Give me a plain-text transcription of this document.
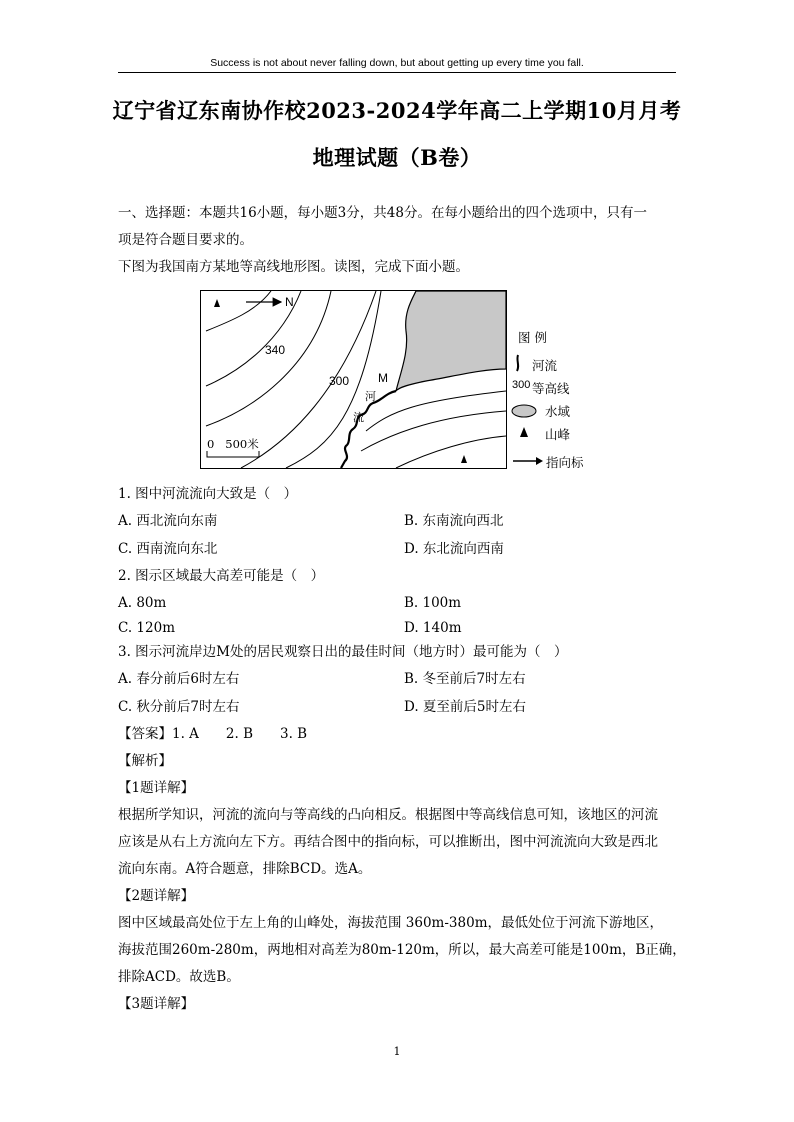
Success is not about never falling down, but about getting up every time you fall.
辽宁省辽东南协作校2023-2024学年高二上学期10月月考
地理试题（B卷）
一、选择题：本题共16小题，每小题3分，共48分。在每小题给出的四个选项中，只有一
项是符合题目要求的。
下图为我国南方某地等高线地形图。读图，完成下面小题。
N
340
300 M
河
流
0   500米
图 例
河流
300 等高线
水域
山峰
指向标
1. 图中河流流向大致是（　）
A. 西北流向东南	B. 东南流向西北
C. 西南流向东北	D. 东北流向西南
2. 图示区域最大高差可能是（　）
A. 80m	B. 100m
C. 120m	D. 140m
3. 图示河流岸边M处的居民观察日出的最佳时间（地方时）最可能为（　）
A. 春分前后6时左右	B. 冬至前后7时左右
C. 秋分前后7时左右	D. 夏至前后5时左右
【答案】1. A　　2. B　　3. B
【解析】
【1题详解】
根据所学知识，河流的流向与等高线的凸向相反。根据图中等高线信息可知，该地区的河流
应该是从右上方流向左下方。再结合图中的指向标，可以推断出，图中河流流向大致是西北
流向东南。A符合题意，排除BCD。选A。
【2题详解】
图中区域最高处位于左上角的山峰处，海拔范围 360m-380m，最低处位于河流下游地区，
海拔范围260m-280m，两地相对高差为80m-120m，所以，最大高差可能是100m，B正确，
排除ACD。故选B。
【3题详解】
1
